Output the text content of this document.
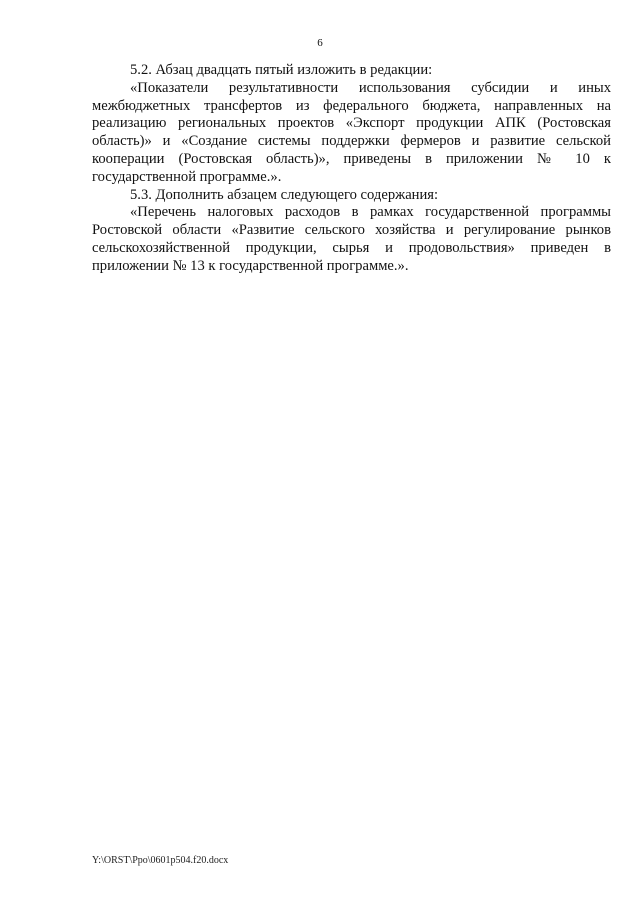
6

5.2. Абзац двадцать пятый изложить в редакции:

«Показатели результативности использования субсидии и иных межбюджетных трансфертов из федерального бюджета, направленных на реализацию региональных проектов «Экспорт продукции АПК (Ростовская область)» и «Создание системы поддержки фермеров и развитие сельской кооперации (Ростовская область)», приведены в приложении № 10 к государственной программе.».

5.3. Дополнить абзацем следующего содержания:

«Перечень налоговых расходов в рамках государственной программы Ростовской области «Развитие сельского хозяйства и регулирование рынков сельскохозяйственной продукции, сырья и продовольствия» приведен в приложении № 13 к государственной программе.».

Y:\ORST\Ppo\0601p504.f20.docx
